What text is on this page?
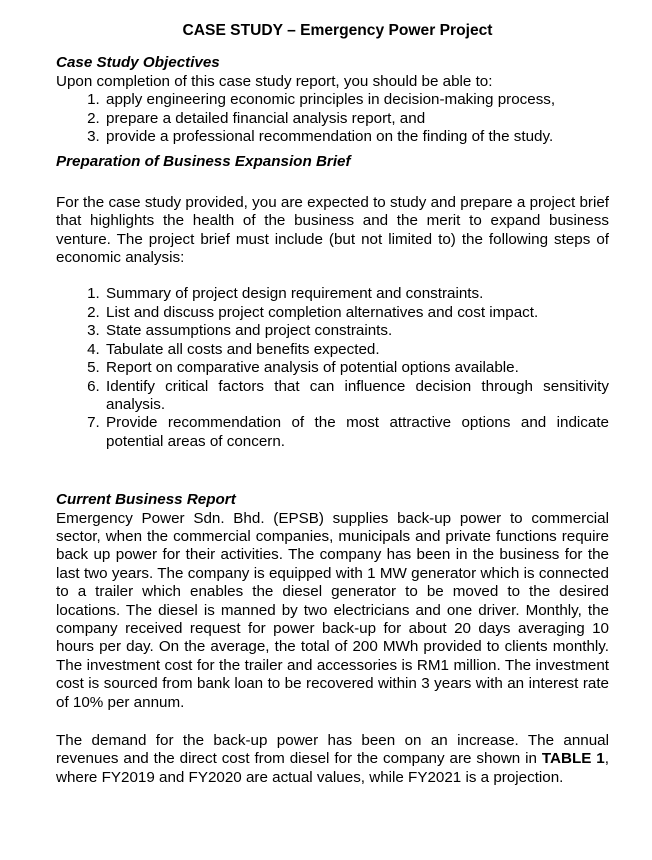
CASE STUDY – Emergency Power Project
Case Study Objectives

Upon completion of this case study report, you should be able to:

1. apply engineering economic principles in decision-making process,
2. prepare a detailed financial analysis report, and
3. provide a professional recommendation on the finding of the study.
Preparation of Business Expansion Brief

For the case study provided, you are expected to study and prepare a project brief that highlights the health of the business and the merit to expand business venture. The project brief must include (but not limited to) the following steps of economic analysis:

1. Summary of project design requirement and constraints.
2. List and discuss project completion alternatives and cost impact.
3. State assumptions and project constraints.
4. Tabulate all costs and benefits expected.
5. Report on comparative analysis of potential options available.
6. Identify critical factors that can influence decision through sensitivity analysis.
7. Provide recommendation of the most attractive options and indicate potential areas of concern.
Current Business Report

Emergency Power Sdn. Bhd. (EPSB) supplies back-up power to commercial sector, when the commercial companies, municipals and private functions require back up power for their activities. The company has been in the business for the last two years. The company is equipped with 1 MW generator which is connected to a trailer which enables the diesel generator to be moved to the desired locations. The diesel is manned by two electricians and one driver. Monthly, the company received request for power back-up for about 20 days averaging 10 hours per day. On the average, the total of 200 MWh provided to clients monthly. The investment cost for the trailer and accessories is RM1 million. The investment cost is sourced from bank loan to be recovered within 3 years with an interest rate of 10% per annum.

The demand for the back-up power has been on an increase. The annual revenues and the direct cost from diesel for the company are shown in TABLE 1, where FY2019 and FY2020 are actual values, while FY2021 is a projection.
